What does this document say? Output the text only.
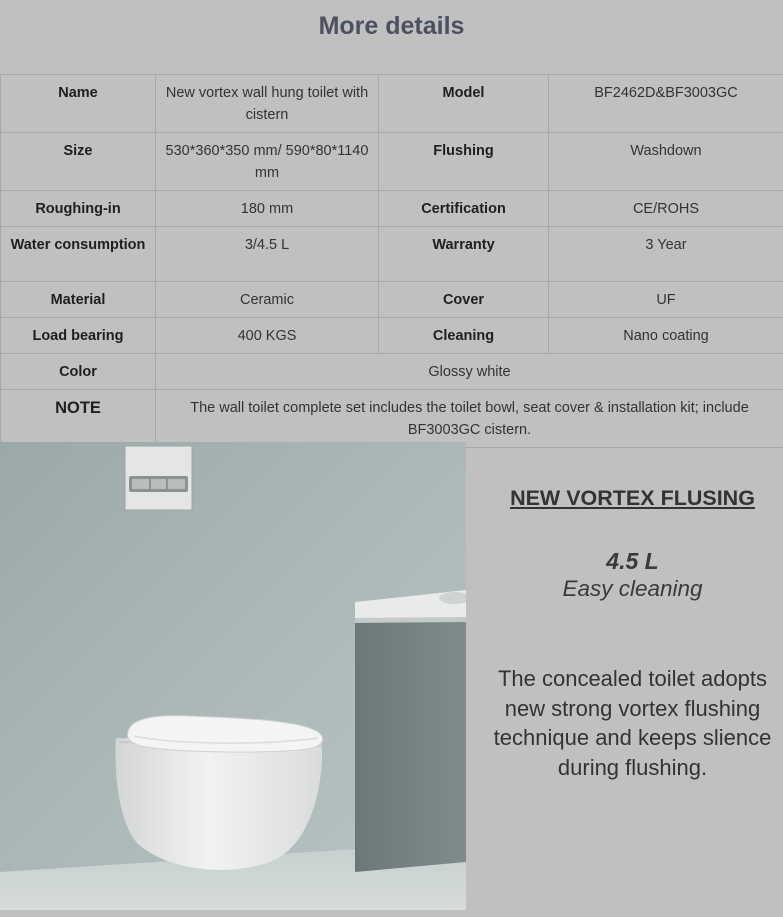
More details
Name	New vortex wall hung toilet with cistern	Model	BF2462D&BF3003GC
Size	530*360*350 mm/ 590*80*1140 mm	Flushing	Washdown
Roughing-in	180 mm	Certification	CE/ROHS
Water consumption	3/4.5 L	Warranty	3 Year
Material	Ceramic	Cover	UF
Load bearing	400 KGS	Cleaning	Nano coating
Color	Glossy white		
NOTE	The wall toilet complete set includes the toilet bowl, seat cover & installation kit; include BF3003GC cistern.		
NEW VORTEX FLUSING
4.5 L
Easy cleaning
The concealed toilet adopts new strong vortex flushing technique and keeps slience during flushing.
